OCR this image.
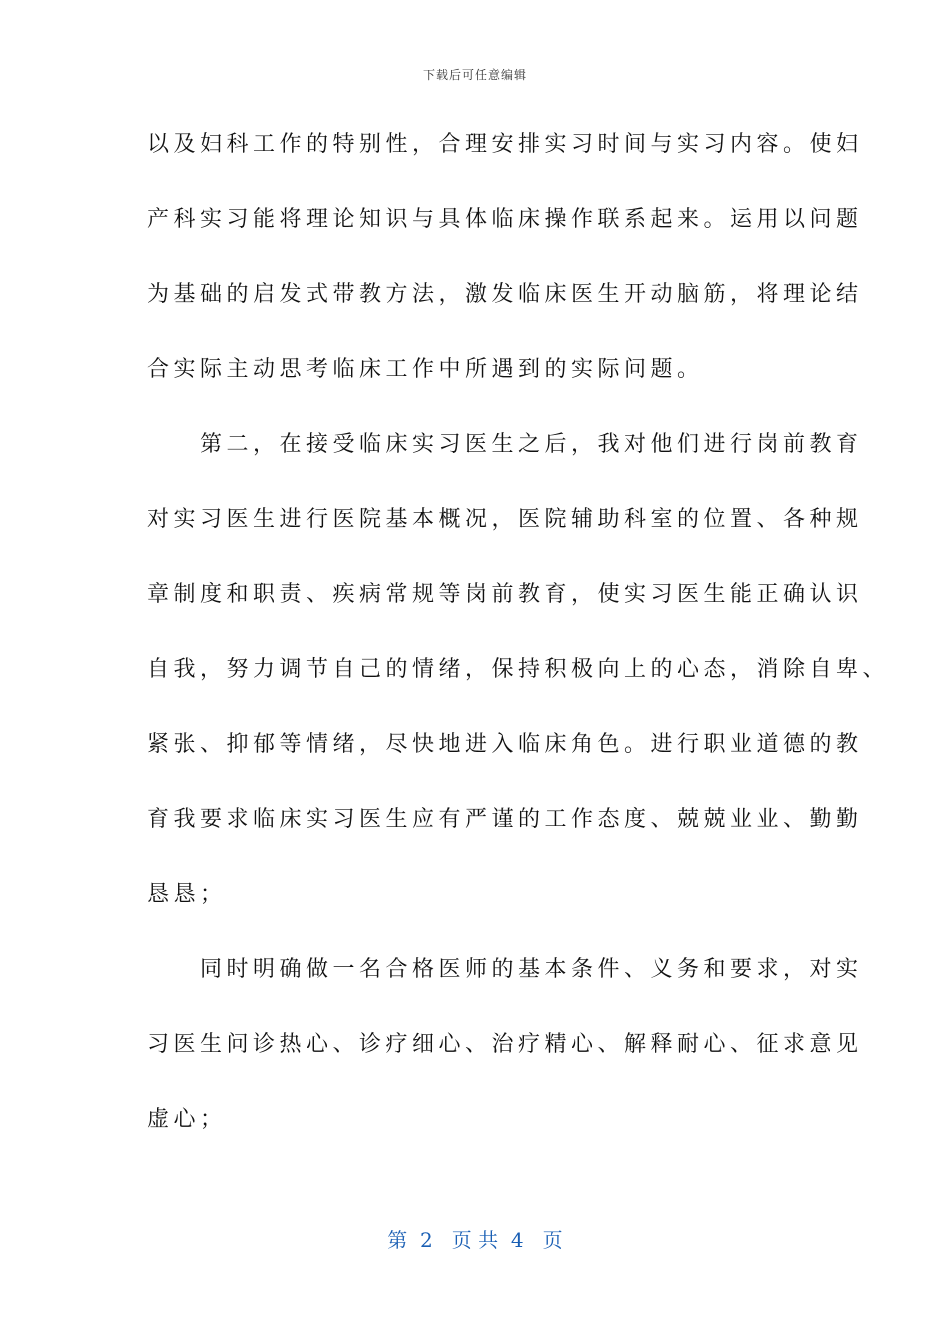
下载后可任意编辑
以及妇科工作的特别性，合理安排实习时间与实习内容。使妇
产科实习能将理论知识与具体临床操作联系起来。运用以问题
为基础的启发式带教方法，激发临床医生开动脑筋，将理论结
合实际主动思考临床工作中所遇到的实际问题。
　　第二，在接受临床实习医生之后，我对他们进行岗前教育
对实习医生进行医院基本概况，医院辅助科室的位置、各种规
章制度和职责、疾病常规等岗前教育，使实习医生能正确认识
自我，努力调节自己的情绪，保持积极向上的心态，消除自卑、
紧张、抑郁等情绪，尽快地进入临床角色。进行职业道德的教
育我要求临床实习医生应有严谨的工作态度、兢兢业业、勤勤
恳恳；
　　同时明确做一名合格医师的基本条件、义务和要求，对实
习医生问诊热心、诊疗细心、治疗精心、解释耐心、征求意见
虚心；
第  2   页 共  4   页
